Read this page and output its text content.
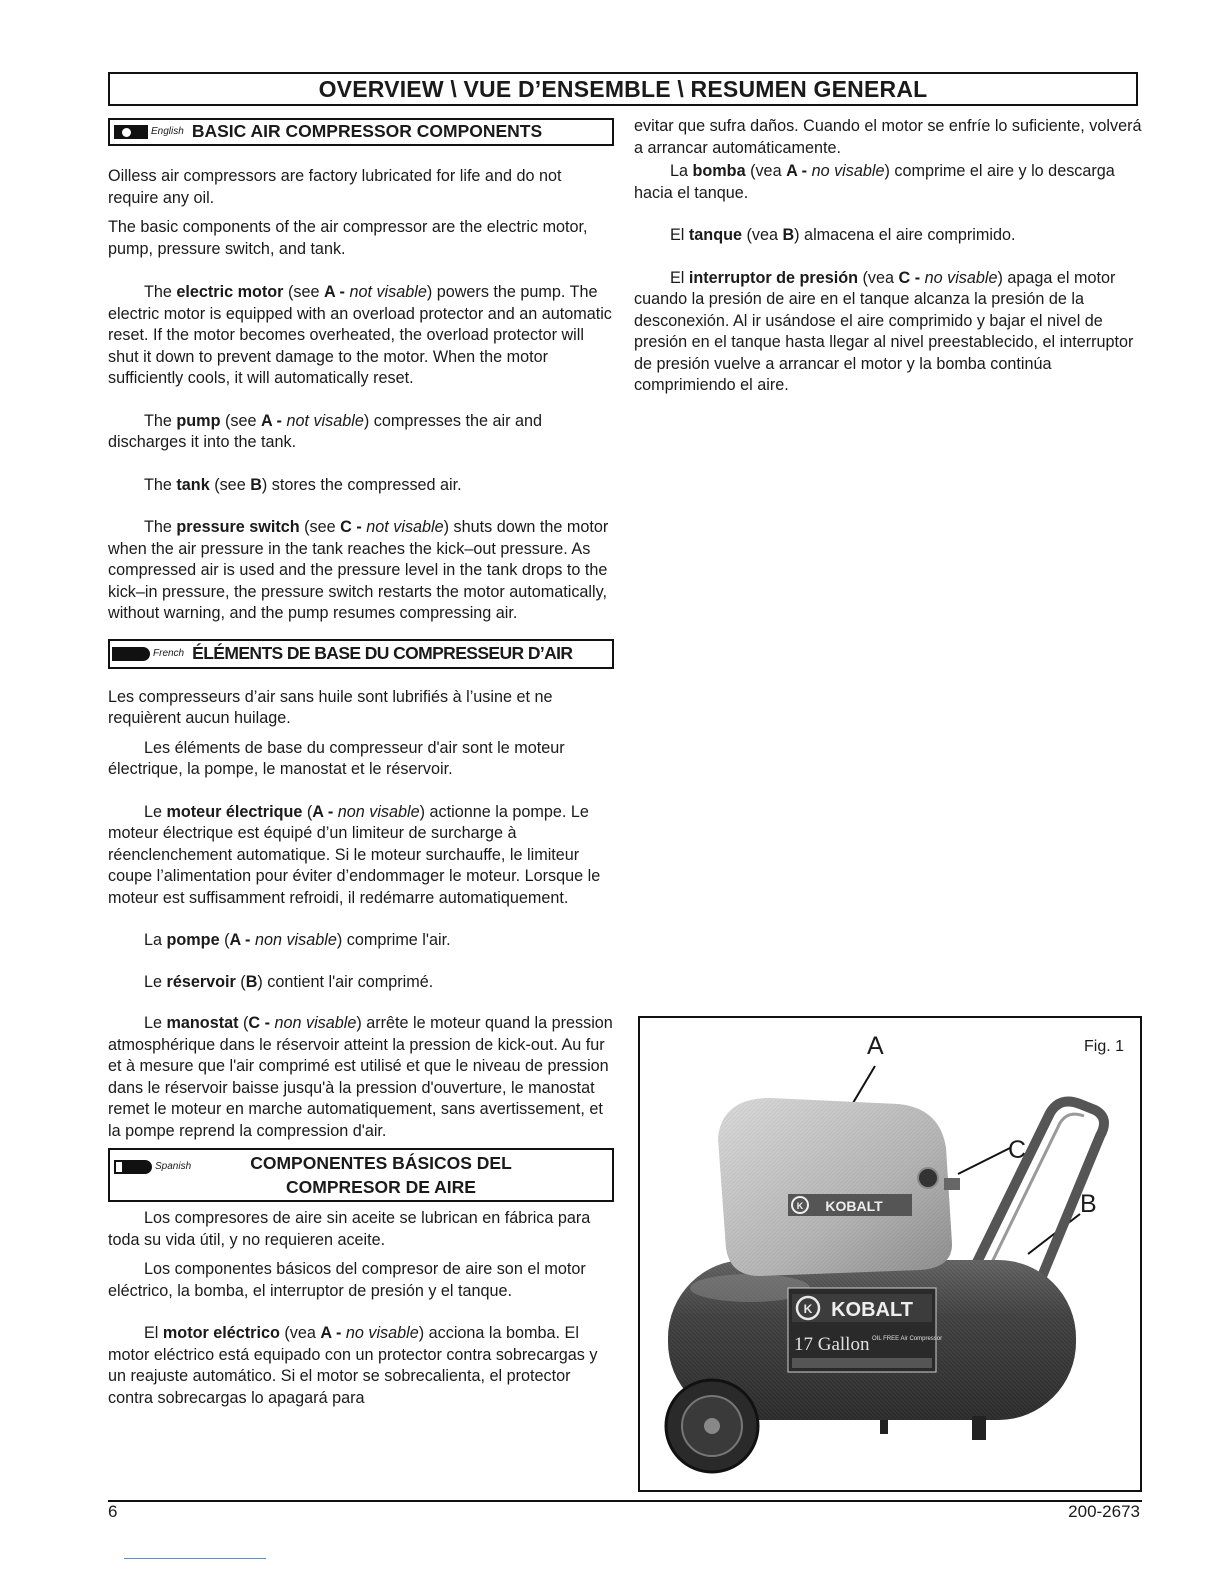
OVERVIEW \ VUE D’ENSEMBLE \ RESUMEN GENERAL
English BASIC AIR COMPRESSOR COMPONENTS

Oilless air compressors are factory lubricated for life and do not require any oil.

The basic components of the air compressor are the electric motor, pump, pressure switch, and tank.

The electric motor (see A - not visable) powers the pump. The electric motor is equipped with an overload protector and an automatic reset. If the motor becomes overheated, the overload protector will shut it down to prevent damage to the motor. When the motor sufficiently cools, it will automatically reset.

The pump (see A - not visable) compresses the air and discharges it into the tank.

The tank (see B) stores the compressed air.

The pressure switch (see C - not visable) shuts down the motor when the air pressure in the tank reaches the kick–out pressure. As compressed air is used and the pressure level in the tank drops to the kick–in pressure, the pressure switch restarts the motor automatically, without warning, and the pump resumes compressing air.

French ÉLÉMENTS DE BASE DU COMPRESSEUR D’AIR

Les compresseurs d’air sans huile sont lubrifiés à l’usine et ne requièrent aucun huilage.

Les éléments de base du compresseur d'air sont le moteur électrique, la pompe, le manostat et le réservoir.

Le moteur électrique (A - non visable) actionne la pompe. Le moteur électrique est équipé d’un limiteur de surcharge à réenclenchement automatique. Si le moteur surchauffe, le limiteur coupe l’alimentation pour éviter d’endommager le moteur. Lorsque le moteur est suffisamment refroidi, il redémarre automatiquement.

La pompe (A - non visable) comprime l'air.

Le réservoir (B) contient l'air comprimé.

Le manostat (C - non visable) arrête le moteur quand la pression atmosphérique dans le réservoir atteint la pression de kick-out. Au fur et à mesure que l'air comprimé est utilisé et que le niveau de pression dans le réservoir baisse jusqu'à la pression d'ouverture, le manostat remet le moteur en marche automatiquement, sans avertissement, et la pompe reprend la compression d'air.

Spanish	COMPONENTES BÁSICOS DEL
COMPRESOR DE AIRE

Los compresores de aire sin aceite se lubrican en fábrica para toda su vida útil, y no requieren aceite.

Los componentes básicos del compresor de aire son el motor eléctrico, la bomba, el interruptor de presión y el tanque.

El motor eléctrico (vea A - no visable) acciona la bomba. El motor eléctrico está equipado con un protector contra sobrecargas y un reajuste automático. Si el motor se sobrecalienta, el protector contra sobrecargas lo apagará para

evitar que sufra daños. Cuando el motor se enfríe lo suficiente, volverá a arrancar automáticamente.

La bomba (vea A - no visable) comprime el aire y lo descarga hacia el tanque.

El tanque (vea B) almacena el aire comprimido.

El interruptor de presión (vea C - no visable) apaga el motor cuando la presión de aire en el tanque alcanza la presión de la desconexión. Al ir usándose el aire comprimido y bajar el nivel de presión en el tanque hasta llegar al nivel preestablecido, el interruptor de presión vuelve a arrancar el motor y la bomba continúa comprimiendo el aire.

Fig. 1
A
C
B
K KOBALT
17 Gallon OIL FREE Air Compressor
K KOBALT
6	200-2673
